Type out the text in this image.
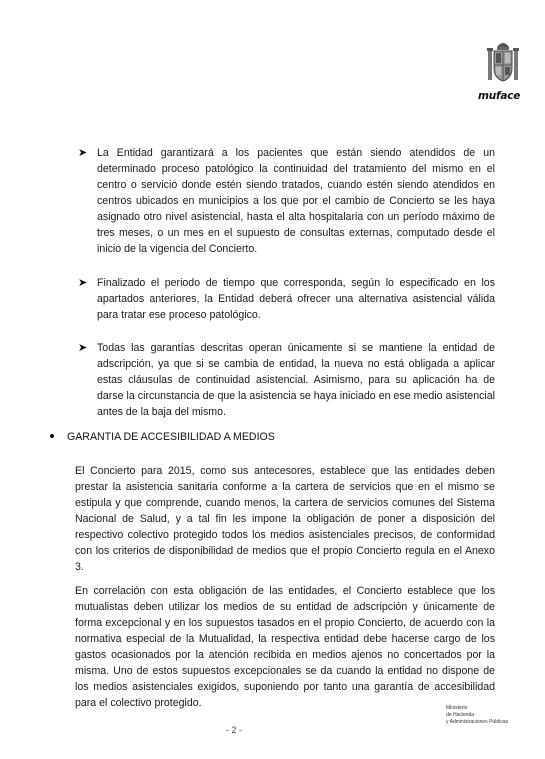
muface
➤ La Entidad garantizará a los pacientes que están siendo atendidos de un determinado proceso patológico la continuidad del tratamiento del mismo en el centro o servicio donde estén siendo tratados, cuando estén siendo atendidos en centros ubicados en municipios a los que por el cambio de Concierto se les haya asignado otro nivel asistencial, hasta el alta hospitalaria con un período máximo de tres meses, o un mes en el supuesto de consultas externas, computado desde el inicio de la vigencia del Concierto.

➤ Finalizado el periodo de tiempo que corresponda, según lo especificado en los apartados anteriores, la Entidad deberá ofrecer una alternativa asistencial válida para tratar ese proceso patológico.

➤ Todas las garantías descritas operan únicamente si se mantiene la entidad de adscripción, ya que si se cambia de entidad, la nueva no está obligada a aplicar estas cláusulas de continuidad asistencial. Asimismo, para su aplicación ha de darse la circunstancia de que la asistencia se haya iniciado en ese medio asistencial antes de la baja del mismo.

GARANTIA DE ACCESIBILIDAD A MEDIOS

El Concierto para 2015, como sus antecesores, establece que las entidades deben prestar la asistencia sanitaria conforme a la cartera de servicios que en el mismo se estipula y que comprende, cuando menos, la cartera de servicios comunes del Sistema Nacional de Salud, y a tal fin les impone la obligación de poner a disposición del respectivo colectivo protegido todos los medios asistenciales precisos, de conformidad con los criterios de disponibilidad de medios que el propio Concierto regula en el Anexo 3.

En correlación con esta obligación de las entidades, el Concierto establece que los mutualistas deben utilizar los medios de su entidad de adscripción y únicamente de forma excepcional y en los supuestos tasados en el propio Concierto, de acuerdo con la normativa especial de la Mutualidad, la respectiva entidad debe hacerse cargo de los gastos ocasionados por la atención recibida en medios ajenos no concertados por la misma. Uno de estos supuestos excepcionales se da cuando la entidad no dispone de los medios asistenciales exigidos, suponiendo por tanto una garantía de accesibilidad para el colectivo protegido.	Ministerio
de Hacienda
y Administraciones Públicas
- 2 -
